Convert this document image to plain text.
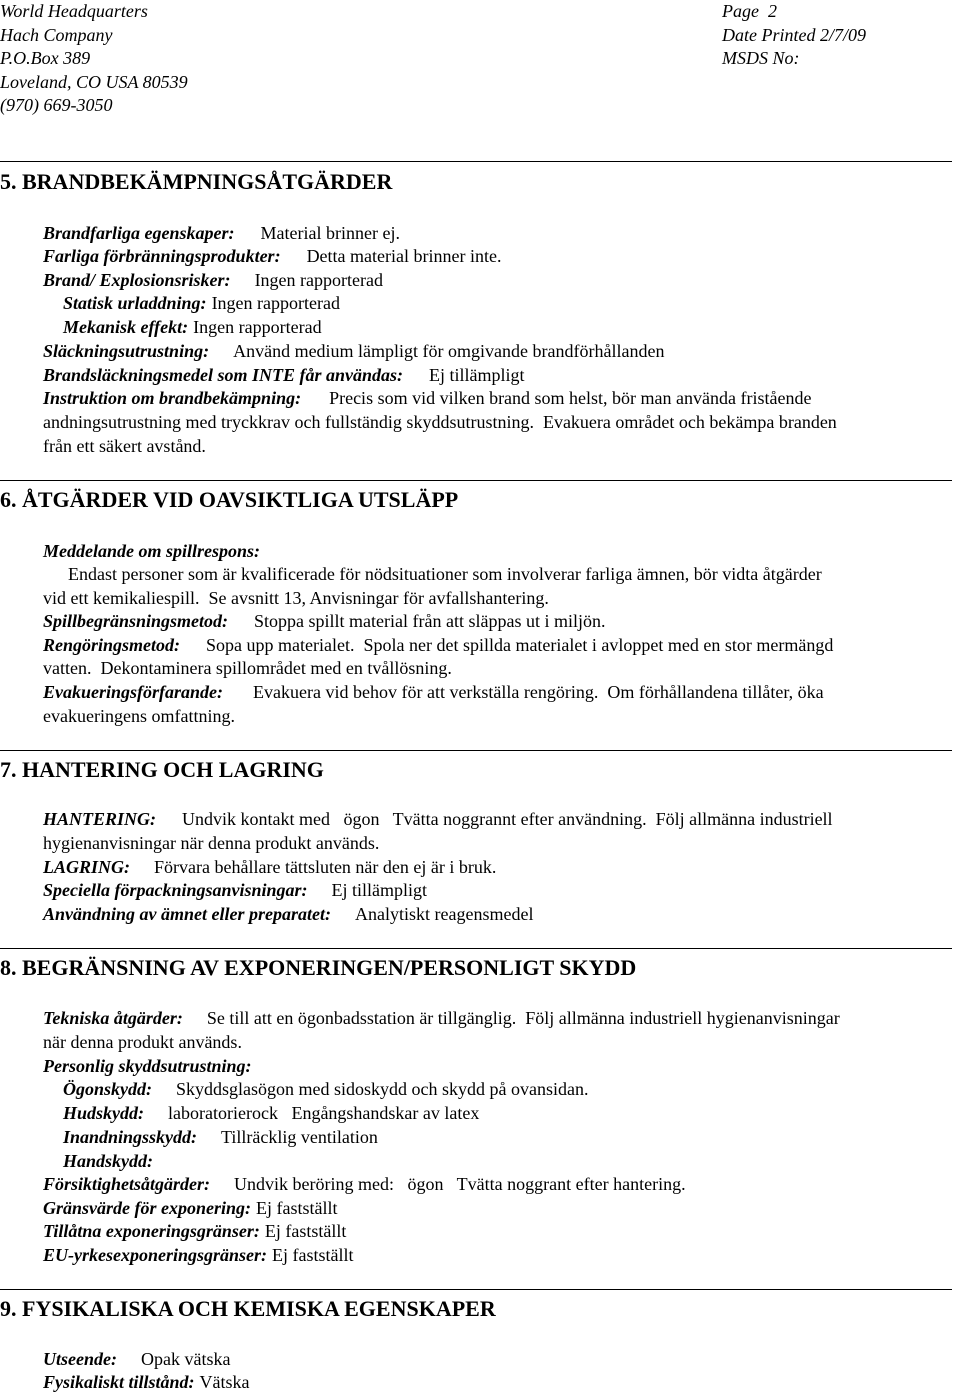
World Headquarters
Hach Company
P.O.Box 389
Loveland, CO USA 80539
(970) 669-3050
Page  2
Date Printed 2/7/09
MSDS No:
5. BRANDBEKÄMPNINGSÅTGÄRDER
Brandfarliga egenskaper: Material brinner ej.
Farliga förbränningsprodukter: Detta material brinner inte.
Brand/ Explosionsrisker: Ingen rapporterad
Statisk urladdning: Ingen rapporterad
Mekanisk effekt: Ingen rapporterad
Släckningsutrustning: Använd medium lämpligt för omgivande brandförhållanden
Brandsläckningsmedel som INTE får användas: Ej tillämpligt
Instruktion om brandbekämpning: Precis som vid vilken brand som helst, bör man använda fristående
andningsutrustning med tryckkrav och fullständig skyddsutrustning.  Evakuera området och bekämpa branden
från ett säkert avstånd.
6. ÅTGÄRDER VID OAVSIKTLIGA UTSLÄPP
Meddelande om spillrespons:
Endast personer som är kvalificerade för nödsituationer som involverar farliga ämnen, bör vidta åtgärder
vid ett kemikaliespill.  Se avsnitt 13, Anvisningar för avfallshantering.
Spillbegränsningsmetod: Stoppa spillt material från att släppas ut i miljön.
Rengöringsmetod: Sopa upp materialet.  Spola ner det spillda materialet i avloppet med en stor mermängd
vatten.  Dekontaminera spillområdet med en tvållösning.
Evakueringsförfarande: Evakuera vid behov för att verkställa rengöring.  Om förhållandena tillåter, öka
evakueringens omfattning.
7. HANTERING OCH LAGRING
HANTERING: Undvik kontakt med   ögon   Tvätta noggrannt efter användning.  Följ allmänna industriell
hygienanvisningar när denna produkt används.
LAGRING: Förvara behållare tättsluten när den ej är i bruk.
Speciella förpackningsanvisningar: Ej tillämpligt
Användning av ämnet eller preparatet: Analytiskt reagensmedel
8. BEGRÄNSNING AV EXPONERINGEN/PERSONLIGT SKYDD
Tekniska åtgärder: Se till att en ögonbadsstation är tillgänglig.  Följ allmänna industriell hygienanvisningar
när denna produkt används.
Personlig skyddsutrustning:
Ögonskydd: Skyddsglasögon med sidoskydd och skydd på ovansidan.
Hudskydd: laboratorierock   Engångshandskar av latex
Inandningsskydd: Tillräcklig ventilation
Handskydd:
Försiktighetsåtgärder: Undvik beröring med:   ögon   Tvätta noggrant efter hantering.
Gränsvärde för exponering: Ej fastställt
Tillåtna exponeringsgränser: Ej fastställt
EU-yrkesexponeringsgränser: Ej fastställt
9. FYSIKALISKA OCH KEMISKA EGENSKAPER
Utseende: Opak vätska
Fysikaliskt tillstånd: Vätska
